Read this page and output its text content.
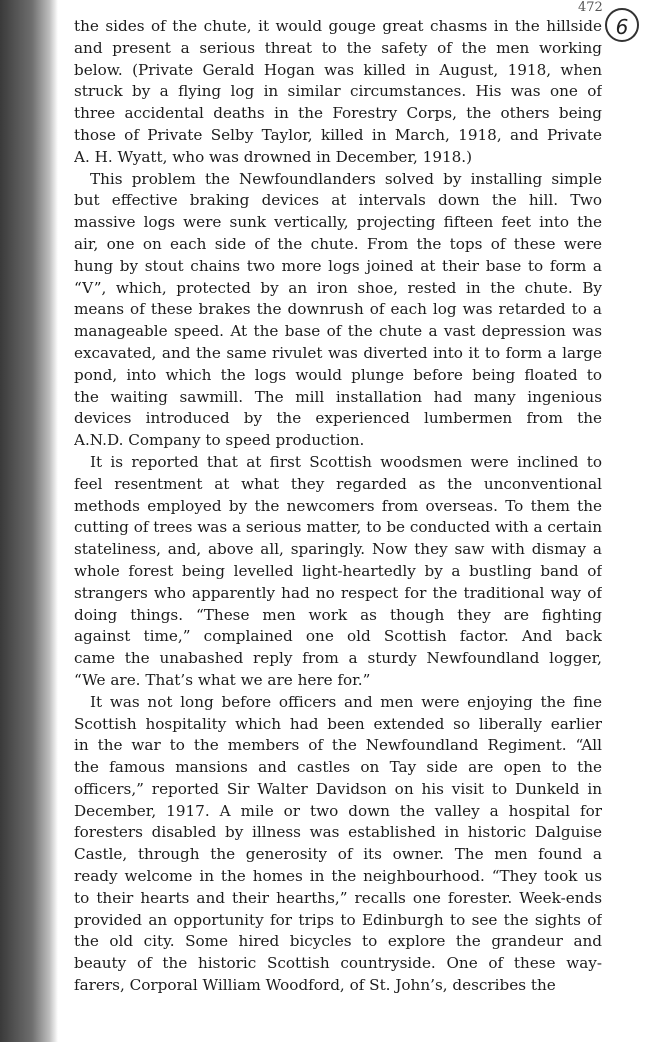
472
6
the sides of the chute, it would gouge great chasms in the hillside
and present a serious threat to the safety of the men working
below. (Private Gerald Hogan was killed in August, 1918, when
struck by a flying log in similar circumstances. His was one of
three accidental deaths in the Forestry Corps, the others being
those of Private Selby Taylor, killed in March, 1918, and Private
A. H. Wyatt, who was drowned in December, 1918.)
This problem the Newfoundlanders solved by installing simple
but effective braking devices at intervals down the hill. Two
massive logs were sunk vertically, projecting fifteen feet into the
air, one on each side of the chute. From the tops of these were
hung by stout chains two more logs joined at their base to form a
“V”, which, protected by an iron shoe, rested in the chute. By
means of these brakes the downrush of each log was retarded to a
manageable speed. At the base of the chute a vast depression was
excavated, and the same rivulet was diverted into it to form a large
pond, into which the logs would plunge before being floated to
the waiting sawmill. The mill installation had many ingenious
devices introduced by the experienced lumbermen from the
A.N.D. Company to speed production.
It is reported that at first Scottish woodsmen were inclined to
feel resentment at what they regarded as the unconventional
methods employed by the newcomers from overseas. To them the
cutting of trees was a serious matter, to be conducted with a certain
stateliness, and, above all, sparingly. Now they saw with dismay a
whole forest being levelled light-heartedly by a bustling band of
strangers who apparently had no respect for the traditional way of
doing things. “These men work as though they are fighting
against time,” complained one old Scottish factor. And back
came the unabashed reply from a sturdy Newfoundland logger,
“We are. That’s what we are here for.”
It was not long before officers and men were enjoying the fine
Scottish hospitality which had been extended so liberally earlier
in the war to the members of the Newfoundland Regiment. “All
the famous mansions and castles on Tay side are open to the
officers,” reported Sir Walter Davidson on his visit to Dunkeld in
December, 1917. A mile or two down the valley a hospital for
foresters disabled by illness was established in historic Dalguise
Castle, through the generosity of its owner. The men found a
ready welcome in the homes in the neighbourhood. “They took us
to their hearts and their hearths,” recalls one forester. Week-ends
provided an opportunity for trips to Edinburgh to see the sights of
the old city. Some hired bicycles to explore the grandeur and
beauty of the historic Scottish countryside. One of these way-
farers, Corporal William Woodford, of St. John’s, describes the
